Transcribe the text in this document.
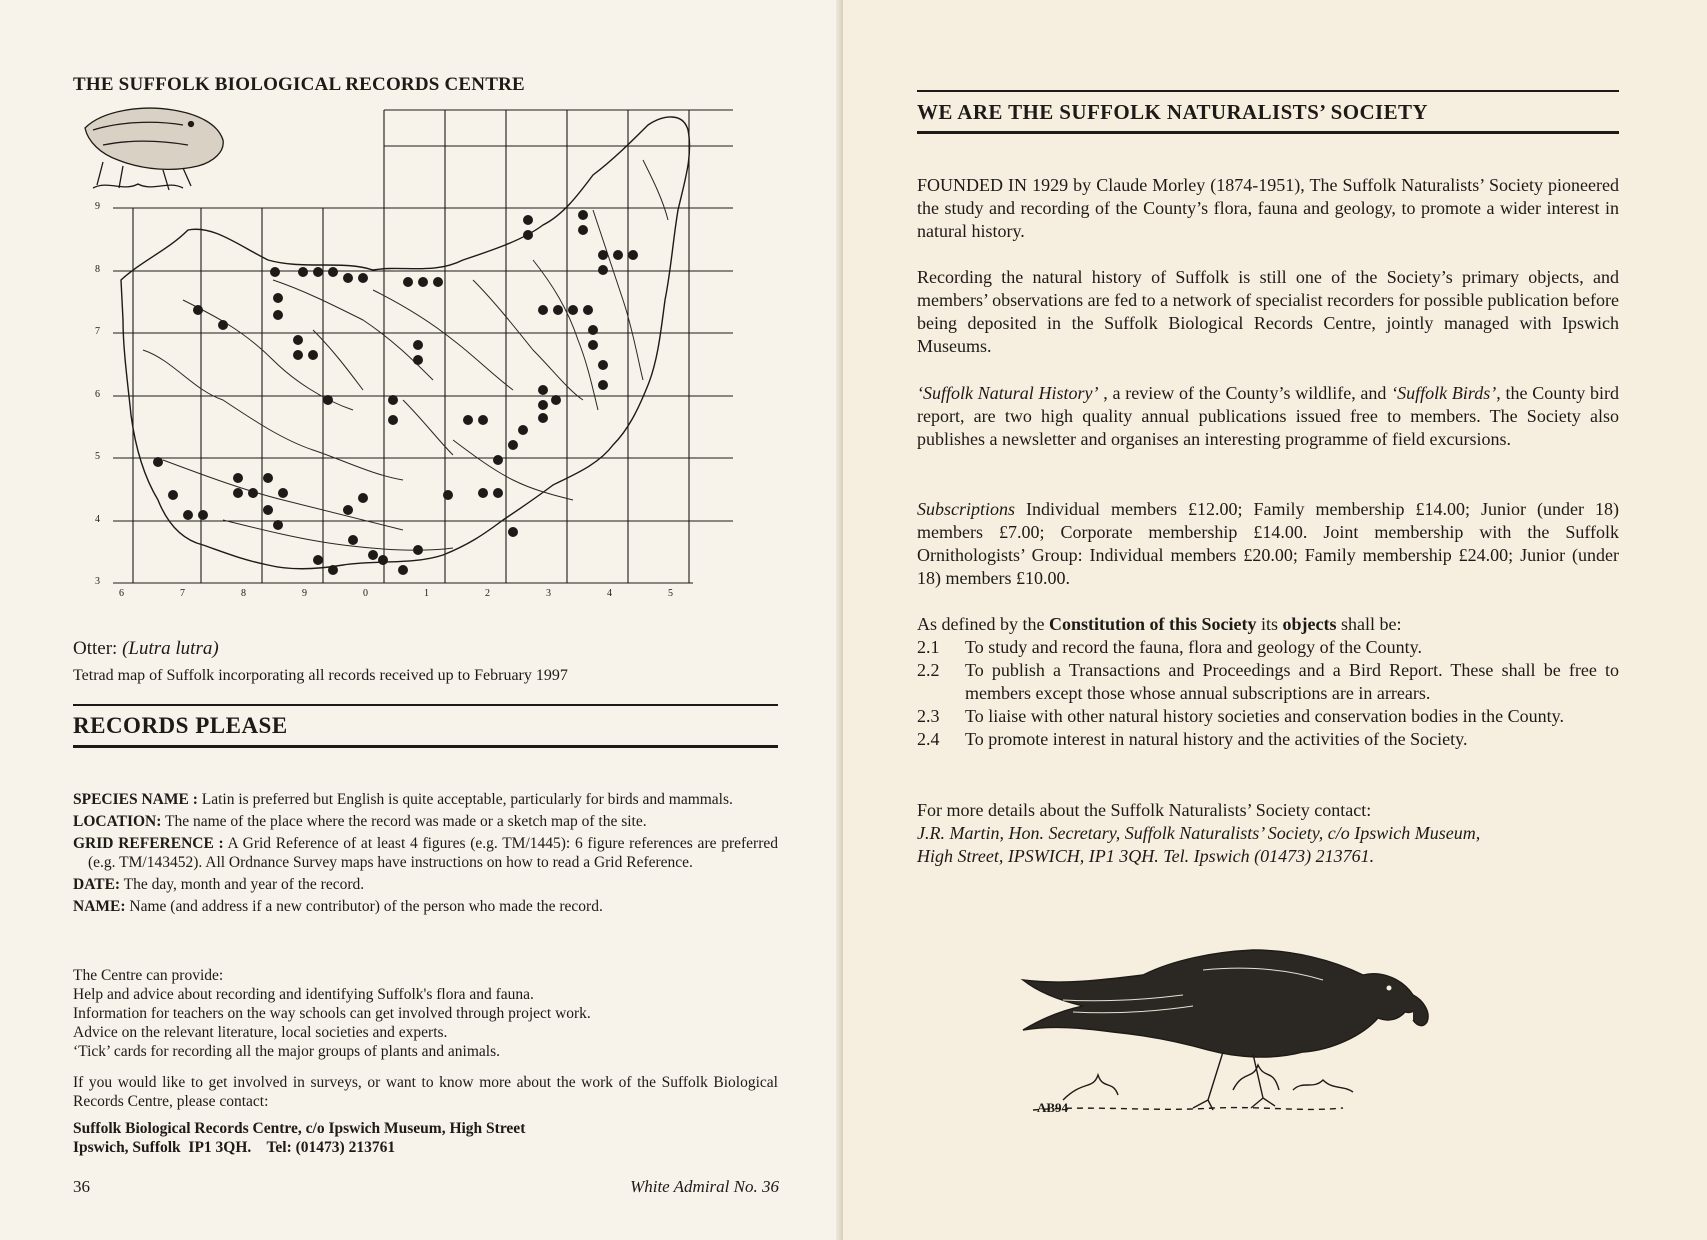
THE SUFFOLK BIOLOGICAL RECORDS CENTRE
9
8
7
6
5
4
3
6	7	8	9	0	1	2	3	4	5
Otter: (Lutra lutra)
Tetrad map of Suffolk incorporating all records received up to February 1997
RECORDS PLEASE
SPECIES NAME : Latin is preferred but English is quite acceptable, particularly for birds and mammals.
LOCATION: The name of the place where the record was made or a sketch map of the site.
GRID REFERENCE : A Grid Reference of at least 4 figures (e.g. TM/1445): 6 figure references are preferred (e.g. TM/143452). All Ordnance Survey maps have instructions on how to read a Grid Reference.
DATE: The day, month and year of the record.
NAME: Name (and address if a new contributor) of the person who made the record.
The Centre can provide:
Help and advice about recording and identifying Suffolk's flora and fauna.
Information for teachers on the way schools can get involved through project work.
Advice on the relevant literature, local societies and experts.
‘Tick’ cards for recording all the major groups of plants and animals.
If you would like to get involved in surveys, or want to know more about the work of the Suffolk Biological Records Centre, please contact:
Suffolk Biological Records Centre, c/o Ipswich Museum, High Street
Ipswich, Suffolk  IP1 3QH.    Tel: (01473) 213761
36	White Admiral No. 36
WE ARE THE SUFFOLK NATURALISTS’ SOCIETY
FOUNDED IN 1929 by Claude Morley (1874-1951), The Suffolk Naturalists’ Society pioneered the study and recording of the County’s flora, fauna and geology, to promote a wider interest in natural history.
Recording the natural history of Suffolk is still one of the Society’s primary objects, and members’ observations are fed to a network of specialist recorders for possible publication before being deposited in the Suffolk Biological Records Centre, jointly managed with Ipswich Museums.
‘Suffolk Natural History’ , a review of the County’s wildlife, and ‘Suffolk Birds’, the County bird report, are two high quality annual publications issued free to members. The Society also publishes a newsletter and organises an interesting programme of field excursions.
Subscriptions Individual members £12.00; Family membership £14.00; Junior (under 18) members £7.00; Corporate membership £14.00. Joint membership with the Suffolk Ornithologists’ Group: Individual members £20.00; Family membership £24.00; Junior (under 18) members £10.00.
As defined by the Constitution of this Society its objects shall be:
2.1	To study and record the fauna, flora and geology of the County.
2.2	To publish a Transactions and Proceedings and a Bird Report. These shall be free to members except those whose annual subscriptions are in arrears.
2.3	To liaise with other natural history societies and conservation bodies in the County.
2.4	To promote interest in natural history and the activities of the Society.
For more details about the Suffolk Naturalists’ Society contact:
J.R. Martin, Hon. Secretary, Suffolk Naturalists’ Society, c/o Ipswich Museum,
High Street, IPSWICH, IP1 3QH. Tel. Ipswich (01473) 213761.
AB94
